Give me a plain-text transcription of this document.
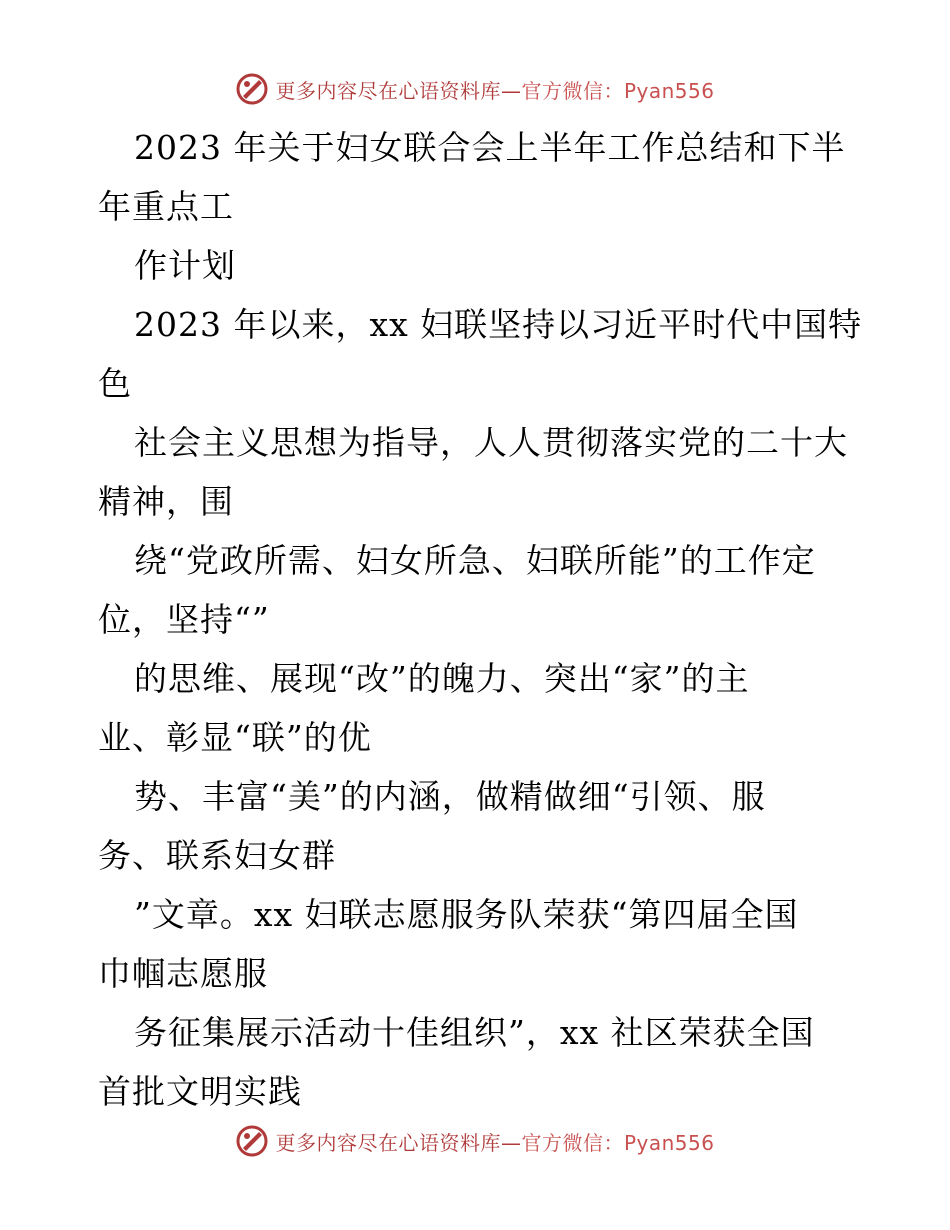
更多内容尽在心语资料库— 官方微信：Pyan556
2023 年关于妇女联合会上半年工作总结和下半
年重点工
作计划
2023 年以来，xx 妇联坚持以习近平时代中国特
色
社会主义思想为指导，人人贯彻落实党的二十大
精神，围
绕“党政所需、妇女所急、妇联所能”的工作定
位，坚持“”
的思维、展现“改”的魄力、突出“家”的主
业、彰显“联”的优
势、丰富“美”的内涵，做精做细“引领、服
务、联系妇女群
”文章。xx 妇联志愿服务队荣获“第四届全国
巾帼志愿服
务征集展示活动十佳组织”，xx 社区荣获全国
首批文明实践
更多内容尽在心语资料库— 官方微信：Pyan556
